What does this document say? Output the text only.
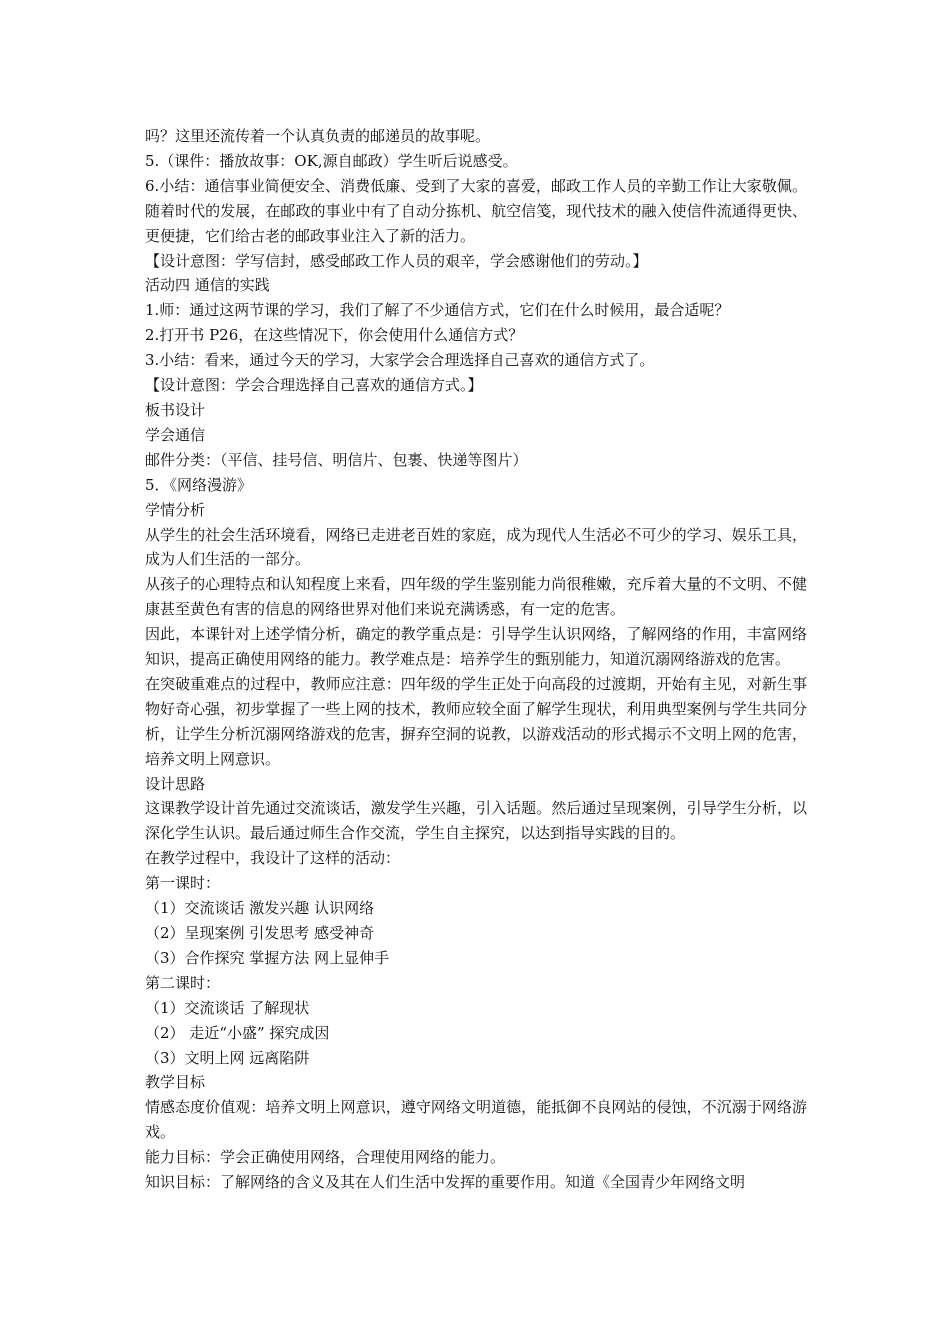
吗？这里还流传着一个认真负责的邮递员的故事呢。

5.（课件：播放故事：OK,源自邮政）学生听后说感受。

6.小结：通信事业简便安全、消费低廉、受到了大家的喜爱，邮政工作人员的辛勤工作让大家敬佩。随着时代的发展，在邮政的事业中有了自动分拣机、航空信笺，现代技术的融入使信件流通得更快、更便捷，它们给古老的邮政事业注入了新的活力。

【设计意图：学写信封，感受邮政工作人员的艰辛，学会感谢他们的劳动。】

活动四 通信的实践

1.师：通过这两节课的学习，我们了解了不少通信方式，它们在什么时候用，最合适呢？

2.打开书 P26，在这些情况下，你会使用什么通信方式？

3.小结：看来，通过今天的学习，大家学会合理选择自己喜欢的通信方式了。

【设计意图：学会合理选择自己喜欢的通信方式。】

板书设计

学会通信

邮件分类：（平信、挂号信、明信片、包裹、快递等图片）

5．《网络漫游》

学情分析

从学生的社会生活环境看，网络已走进老百姓的家庭，成为现代人生活必不可少的学习、娱乐工具，成为人们生活的一部分。

从孩子的心理特点和认知程度上来看，四年级的学生鉴别能力尚很稚嫩，充斥着大量的不文明、不健康甚至黄色有害的信息的网络世界对他们来说充满诱惑，有一定的危害。

因此，本课针对上述学情分析，确定的教学重点是：引导学生认识网络，了解网络的作用，丰富网络知识，提高正确使用网络的能力。教学难点是：培养学生的甄别能力，知道沉溺网络游戏的危害。

在突破重难点的过程中，教师应注意：四年级的学生正处于向高段的过渡期，开始有主见，对新生事物好奇心强，初步掌握了一些上网的技术，教师应较全面了解学生现状，利用典型案例与学生共同分析，让学生分析沉溺网络游戏的危害，摒弃空洞的说教，以游戏活动的形式揭示不文明上网的危害，培养文明上网意识。

设计思路

这课教学设计首先通过交流谈话，激发学生兴趣，引入话题。然后通过呈现案例，引导学生分析，以深化学生认识。最后通过师生合作交流，学生自主探究，以达到指导实践的目的。

在教学过程中，我设计了这样的活动：

第一课时：

（1）交流谈话 激发兴趣 认识网络

（2）呈现案例 引发思考 感受神奇

（3）合作探究 掌握方法 网上显伸手

第二课时：

（1）交流谈话 了解现状

（2） 走近“小盛” 探究成因

（3）文明上网 远离陷阱

教学目标

情感态度价值观：培养文明上网意识，遵守网络文明道德，能抵御不良网站的侵蚀，不沉溺于网络游戏。

能力目标：学会正确使用网络，合理使用网络的能力。

知识目标：了解网络的含义及其在人们生活中发挥的重要作用。知道《全国青少年网络文明
